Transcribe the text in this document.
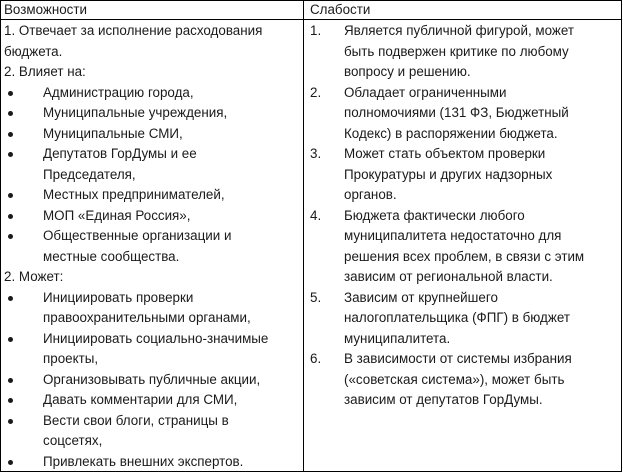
Возможности	Слабости
1. Отвечает за исполнение расходования
бюджета.
2. Влияет на:
Администрацию города,
Муниципальные учреждения,
Муниципальные СМИ,
Депутатов ГорДумы и ее
Председателя,
Местных предпринимателей,
МОП «Единая Россия»,
Общественные организации и
местные сообщества.
2. Может:
Инициировать проверки
правоохранительными органами,
Инициировать социально-значимые
проекты,
Организовывать публичные акции,
Давать комментарии для СМИ,
Вести свои блоги, страницы в
соцсетях,
Привлекать внешних экспертов.
1. Является публичной фигурой, может
быть подвержен критике по любому
вопросу и решению.
2. Обладает ограниченными
полномочиями (131 ФЗ, Бюджетный
Кодекс) в распоряжении бюджета.
3. Может стать объектом проверки
Прокуратуры и других надзорных
органов.
4. Бюджета фактически любого
муниципалитета недостаточно для
решения всех проблем, в связи с этим
зависим от региональной власти.
5. Зависим от крупнейшего
налогоплательщика (ФПГ) в бюджет
муниципалитета.
6. В зависимости от системы избрания
(«советская система»), может быть
зависим от депутатов ГорДумы.
